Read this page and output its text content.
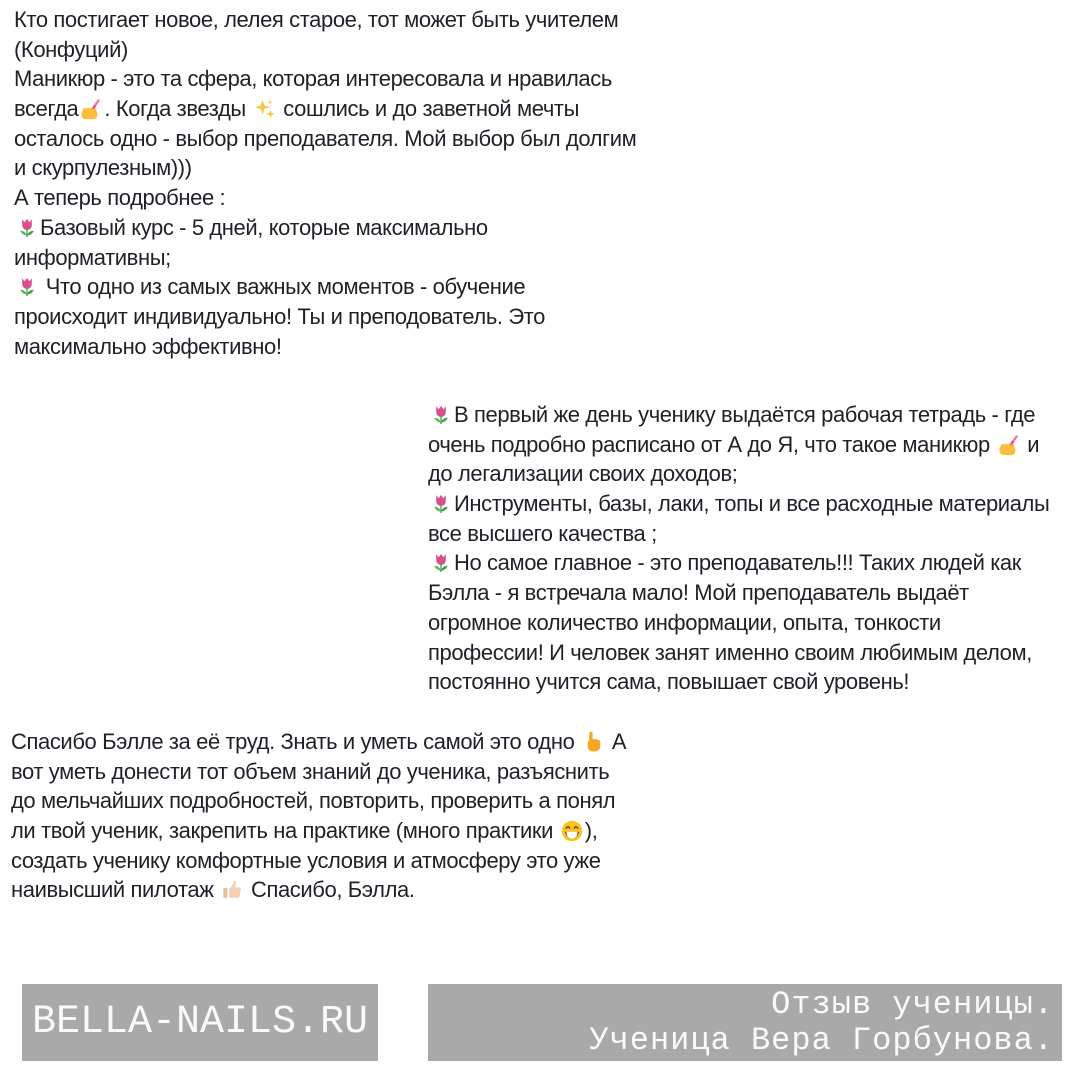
Кто постигает новое, лелея старое, тот может быть учителем
(Конфуций)
Маникюр - это та сфера, которая интересовала и нравилась
всегда . Когда звезды
сошлись и до заветной мечты
осталось одно - выбор преподавателя. Мой выбор был долгим
и скурпулезным)))
А теперь подробнее :
Базовый курс - 5 дней, которые максимально
информативны;
Что одно из самых важных моментов - обучение
происходит индивидуально! Ты и преподователь. Это
максимально эффективно!
В первый же день ученику выдаётся рабочая тетрадь - где
очень подробно расписано от А до Я, что такое маникюр
и
до легализации своих доходов;
Инструменты, базы, лаки, топы и все расходные материалы
все высшего качества ;
Но самое главное - это преподаватель!!! Таких людей как
Бэлла - я встречала мало! Мой преподаватель выдаёт
огромное количество информации, опыта, тонкости
профессии! И человек занят именно своим любимым делом,
постоянно учится сама, повышает свой уровень!
Спасибо Бэлле за её труд. Знать и уметь самой это одно
А
вот уметь донести тот объем знаний до ученика, разъяснить
до мельчайших подробностей, повторить, проверить а понял
ли твой ученик, закрепить на практике (много практики
),
создать ученику комфортные условия и атмосферу это уже
наивысший пилотаж
Спасибо, Бэлла.
BELLA-NAILS.RU	Отзыв ученицы.
Ученица Вера Горбунова.
